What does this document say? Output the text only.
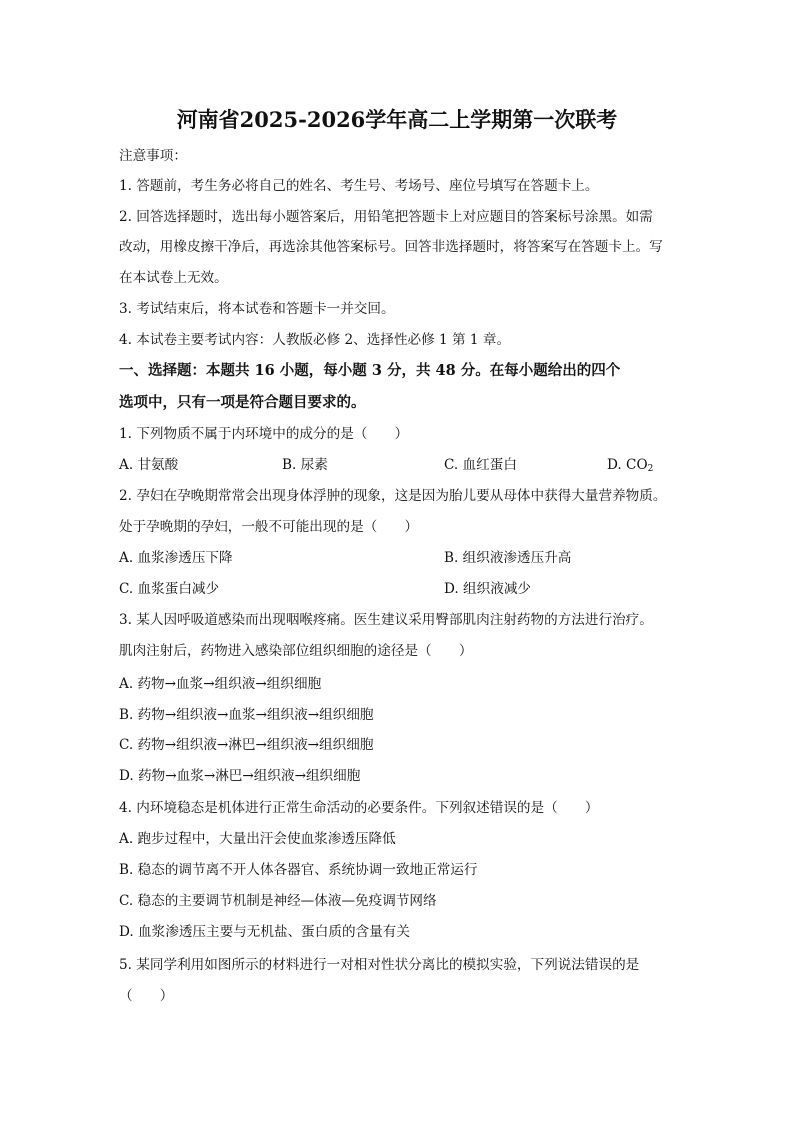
河南省2025-2026学年高二上学期第一次联考
注意事项：
1. 答题前，考生务必将自己的姓名、考生号、考场号、座位号填写在答题卡上。
2. 回答选择题时，选出每小题答案后，用铅笔把答题卡上对应题目的答案标号涂黑。如需
改动，用橡皮擦干净后，再选涂其他答案标号。回答非选择题时，将答案写在答题卡上。写
在本试卷上无效。
3. 考试结束后，将本试卷和答题卡一并交回。
4. 本试卷主要考试内容：人教版必修 2、选择性必修 1 第 1 章。
一、选择题：本题共 16 小题，每小题 3 分，共 48 分。在每小题给出的四个
选项中，只有一项是符合题目要求的。
1. 下列物质不属于内环境中的成分的是（　　）
A. 甘氨酸	B. 尿素	C. 血红蛋白	D. $CO_2$
2. 孕妇在孕晚期常常会出现身体浮肿的现象，这是因为胎儿要从母体中获得大量营养物质。
处于孕晚期的孕妇，一般不可能出现的是（　　）
A. 血浆渗透压下降	B. 组织液渗透压升高
C. 血浆蛋白减少	D. 组织液减少
3. 某人因呼吸道感染而出现咽喉疼痛。医生建议采用臀部肌肉注射药物的方法进行治疗。
肌肉注射后，药物进入感染部位组织细胞的途径是（　　）
A. 药物→血浆→组织液→组织细胞
B. 药物→组织液→血浆→组织液→组织细胞
C. 药物→组织液→淋巴→组织液→组织细胞
D. 药物→血浆→淋巴→组织液→组织细胞
4. 内环境稳态是机体进行正常生命活动的必要条件。下列叙述错误的是（　　）
A. 跑步过程中，大量出汗会使血浆渗透压降低
B. 稳态的调节离不开人体各器官、系统协调一致地正常运行
C. 稳态的主要调节机制是神经—体液—免疫调节网络
D. 血浆渗透压主要与无机盐、蛋白质的含量有关
5. 某同学利用如图所示的材料进行一对相对性状分离比的模拟实验，下列说法错误的是
（　　）
